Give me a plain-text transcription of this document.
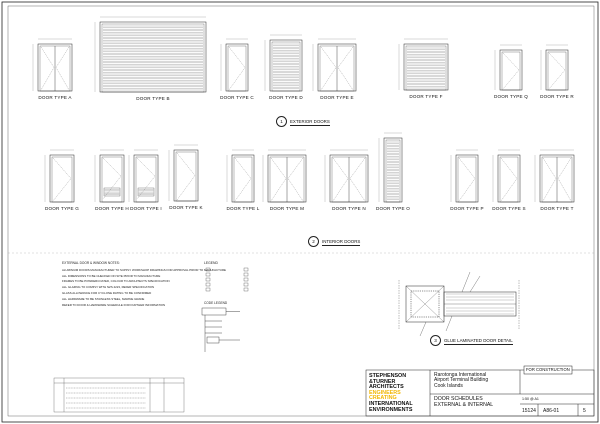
1 EXTERIOR DOORS
2 INTERIOR DOORS
3 GLUE LAMINATED DOOR DETAIL
DOOR TYPE A	DOOR TYPE B	DOOR TYPE C	DOOR TYPE D	DOOR TYPE E	DOOR TYPE F	DOOR TYPE Q	DOOR TYPE R
DOOR TYPE G	DOOR TYPE H DOOR TYPE I DOOR TYPE K	DOOR TYPE L DOOR TYPE M	DOOR TYPE N DOOR TYPE O	DOOR TYPE P DOOR TYPE S	DOOR TYPE T
EXTERNAL DOOR & WINDOW NOTES:
ALUMINIUM DOORS MANUFACTURER TO SUPPLY WORKSHOP DRAWINGS FOR APPROVAL PRIOR TO MANUFACTURE
ALL DIMENSIONS TO BE CHECKED ON SITE PRIOR TO MANUFACTURE
FRAMES TO BE POWDERCOATED, COLOUR TO ARCHITECTS SPECIFICATION
ALL GLAZING TO COMPLY WITH NZS 4223, REFER SPECIFICATION
GLASS ALLOWANCE FOR CYCLONE RATING TO BE CONFIRMED
ALL HARDWARE TO BE STAINLESS STEEL, MARINE GRADE
REFER TO DOOR & HARDWARE SCHEDULE FOR FURTHER INFORMATION
LEGEND
CODE LEGEND
STEPHENSON
&TURNER
ARCHITECTS
ENGINEERS
CREATING
INTERNATIONAL
ENVIRONMENTS
FOR CONSTRUCTION
Rarotonga International
Airport Terminal Building
Cook Islands
DOOR SCHEDULES
EXTERNAL & INTERNAL
1:50 @ A1
15124 A86-01	5
